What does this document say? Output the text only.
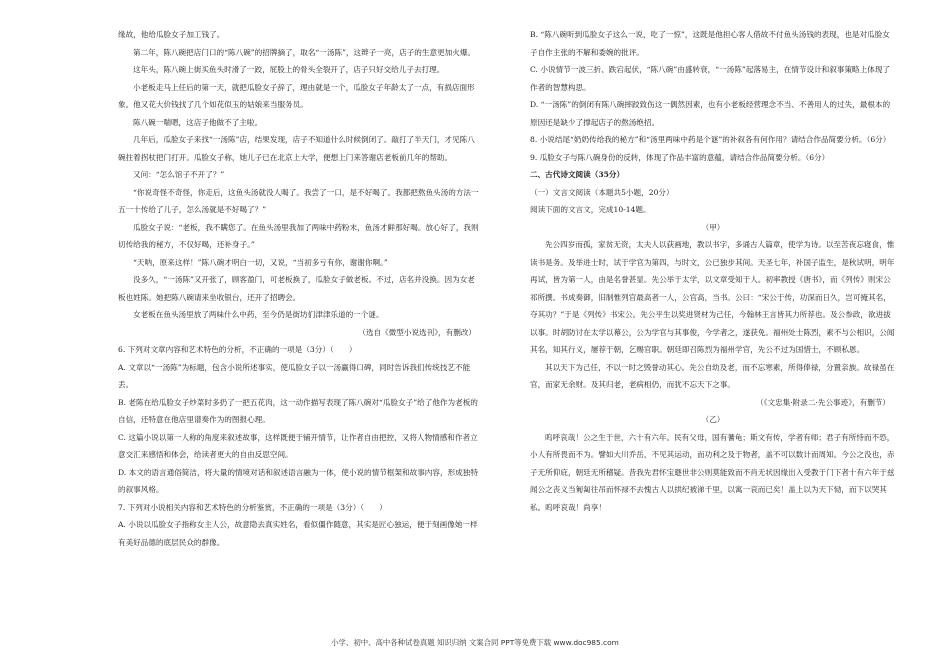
缘故，他给瓜脸女子加工钱了。

第二年，陈八碗把店门口的“陈八碗”的招牌摘了，取名“一汤陈”，这辫子一亮，店子的生意更加火爆。

这年头，陈八碗上街买鱼头时滑了一跤，屁股上的骨头全裂开了，店子只好交给儿子去打理。

小老板走马上任后的第一天，就把瓜脸女子辞了，理由就是一个，瓜脸女子年龄太了一点，有损店面形象。他又花大价钱找了几个如花似玉的姑娘来当服务员。

陈八碗一喘嗯，这店子他做不了主啦。

几年后，瓜脸女子来找“一汤陈”店，结果发现，店子不知道什么时候倒闭了。敲打了半天门，才见陈八碗拄着拐杖把门打开。瓜脸女子称，她儿子已在北京上大学，便想上门来答谢店老板前几年的帮助。

又问：“怎么馆子不开了？”

“你说奇怪不奇怪，你走后，这鱼头汤就没人喝了。我尝了一口，是不好喝了。我都把熬鱼头汤的方法一五一十传给了儿子，怎么汤就是不好喝了？”

瓜脸女子说：“老板，我不瞒您了。在鱼头汤里我加了两味中药粉末，鱼汤才鲜那好喝。放心好了，我则切传给我的秘方，不仅好喝，还补身子。”

“天呐，原来这样！”陈八碗才明白一切，又说，“当初多亏有你，谢谢你啊。”

没多久，“一汤陈”又开张了，顾客盈门，可老板换了，瓜脸女子做老板。不过，店名并没换。因为女老板也姓陈。她把陈八碗请来坐收银台，还开了招聘会。

女老板在鱼头汤里放了两味什么中药，至今仍是街坊们津津乐道的一个谜。

（选自《微型小说选刊》，有删改）

6. 下列对文章内容和艺术特色的分析，不正确的一项是（3分）（　　）

A. 文章以“一汤陈”为标题，包含小说所述事实，使瓜脸女子以一汤赢得口碑，同时告诉我们传统技艺不能丢。

B. 老陈在给瓜脸女子炒菜时多扔了一把五花肉，这一动作描写表现了陈八碗对“瓜脸女子”给了他作为老板的自信，还特意在他店里谱奏作为的图报心理。

C. 这篇小说以第一人称的角度来叙述故事，这样既便于铺开情节，让作者自由把控，又将人物情感和作者立意交汇来感悟和体会，给读者更大的自由反思空间。

D. 本文的语言通俗简洁，将大量的情境对话和叙述语言融为一体，使小说的情节框架和故事内容，形成独特的叙事风格。

7. 下列对小说相关内容和艺术特色的分析鉴赏，不正确的一项是（3分）（　　）

A. 小说以瓜脸女子指称女主人公，故意隐去真实姓名，看似僵作随意，其实是匠心独运，便于刻画像她一样有美好品德的底层民众的群像。

B. “陈八碗听到瓜脸女子这么一说，吃了一惊”，这既是他担心客人借故不付鱼头汤钱的表现，也是对瓜脸女子自作主张的不解和委婉的批评。

C. 小说情节一波三折、跌宕起伏，“陈八碗”由盛转衰，“一汤陈”起落易主，在情节设计和叙事策略上体现了作者的智慧构思。

D. “一汤陈”的倒闭有陈八碗摔跤致伤这一偶然因素，也有小老板经营理念不当、不善用人的过失，最根本的原因还是缺少了撑起店子的熬汤绝招。

8. 小说结尾“奶奶传给我的秘方”和“汤里两味中药是个谜”的补叙各有何作用？请结合作品简要分析。（6分）

9. 瓜脸女子与陈八碗身份的反转，体现了作品丰富的意蕴，请结合作品简要分析。（6分）

二、古代诗文阅读（35分）

（一）文言文阅读（本题共5小题，20分）

阅读下面的文言文，完成10-14题。

（甲）

先公四岁而孤，家贫无资，太夫人以荻画地，教以书字，多诵古人篇章，使学为诗。以至苦夜忘寝食，惟读书是务。及举进士时，试于学官为第四，与时文，公已独步其间。天圣七年，补国子监生，是秋试明，明年再试，皆为第一人，由是名誉甚显。先公举于太学，以文章受知于人。初率教授《唐书》，而《列传》则宋公祁所撰。书成奏御，旧制惟列官最高者一人，公官高，当书。公曰：“宋公于传，功深而日久，岂可掩其名，夺其功？”于是《列传》书宋公。先公平生以奖进贤材为己任，今翰林王言皆其力所荐也。及公参政，欲进拔以事。时胡防讨在太学以幕公，公为学官与其事俊，今学者之，遂获免。福州处士陈烈，素不与公相识，公闻其名，知其行义，屡荐于朝，乞赐官职。朝廷即召陈烈为福州学官，先公不过为国惜士，不顾私恩。

其以天下为己任，不以一时之毁誉动其心。先公自幼及老，而不忘寒素，所得俸禄，分置亲族。故禄虽在官，而家无余财。及其归老，老病相仍，而犹不忘天下之事。

（《文忠集·附录二·先公事迹》，有删节）

（乙）

呜呼哀哉！公之生于世，六十有六年。民有父母，国有蓍龟；斯文有传，学者有师；君子有所恃而不恐，小人有所畏而不为。譬如大川乔岳，不见其运动，而功利之及于物者，盖不可以数计而周知。今公之没也，赤子无所仰庇，朝廷无所稽疑。昔我先君怀宝遯世非公则莫能致而不肖无状因缘出入受教于门下者十有六年于兹闻公之丧义当匍匐往吊而怀禄不去愧古人以拱纪被涕千里，以寓一哀而已矣！盖上以为天下恸，而下以哭其私。呜呼哀哉！尚享！

小学、初中、高中各种试卷真题 知识归纳 文案合同 PPT等免费下载 www.doc985.com
